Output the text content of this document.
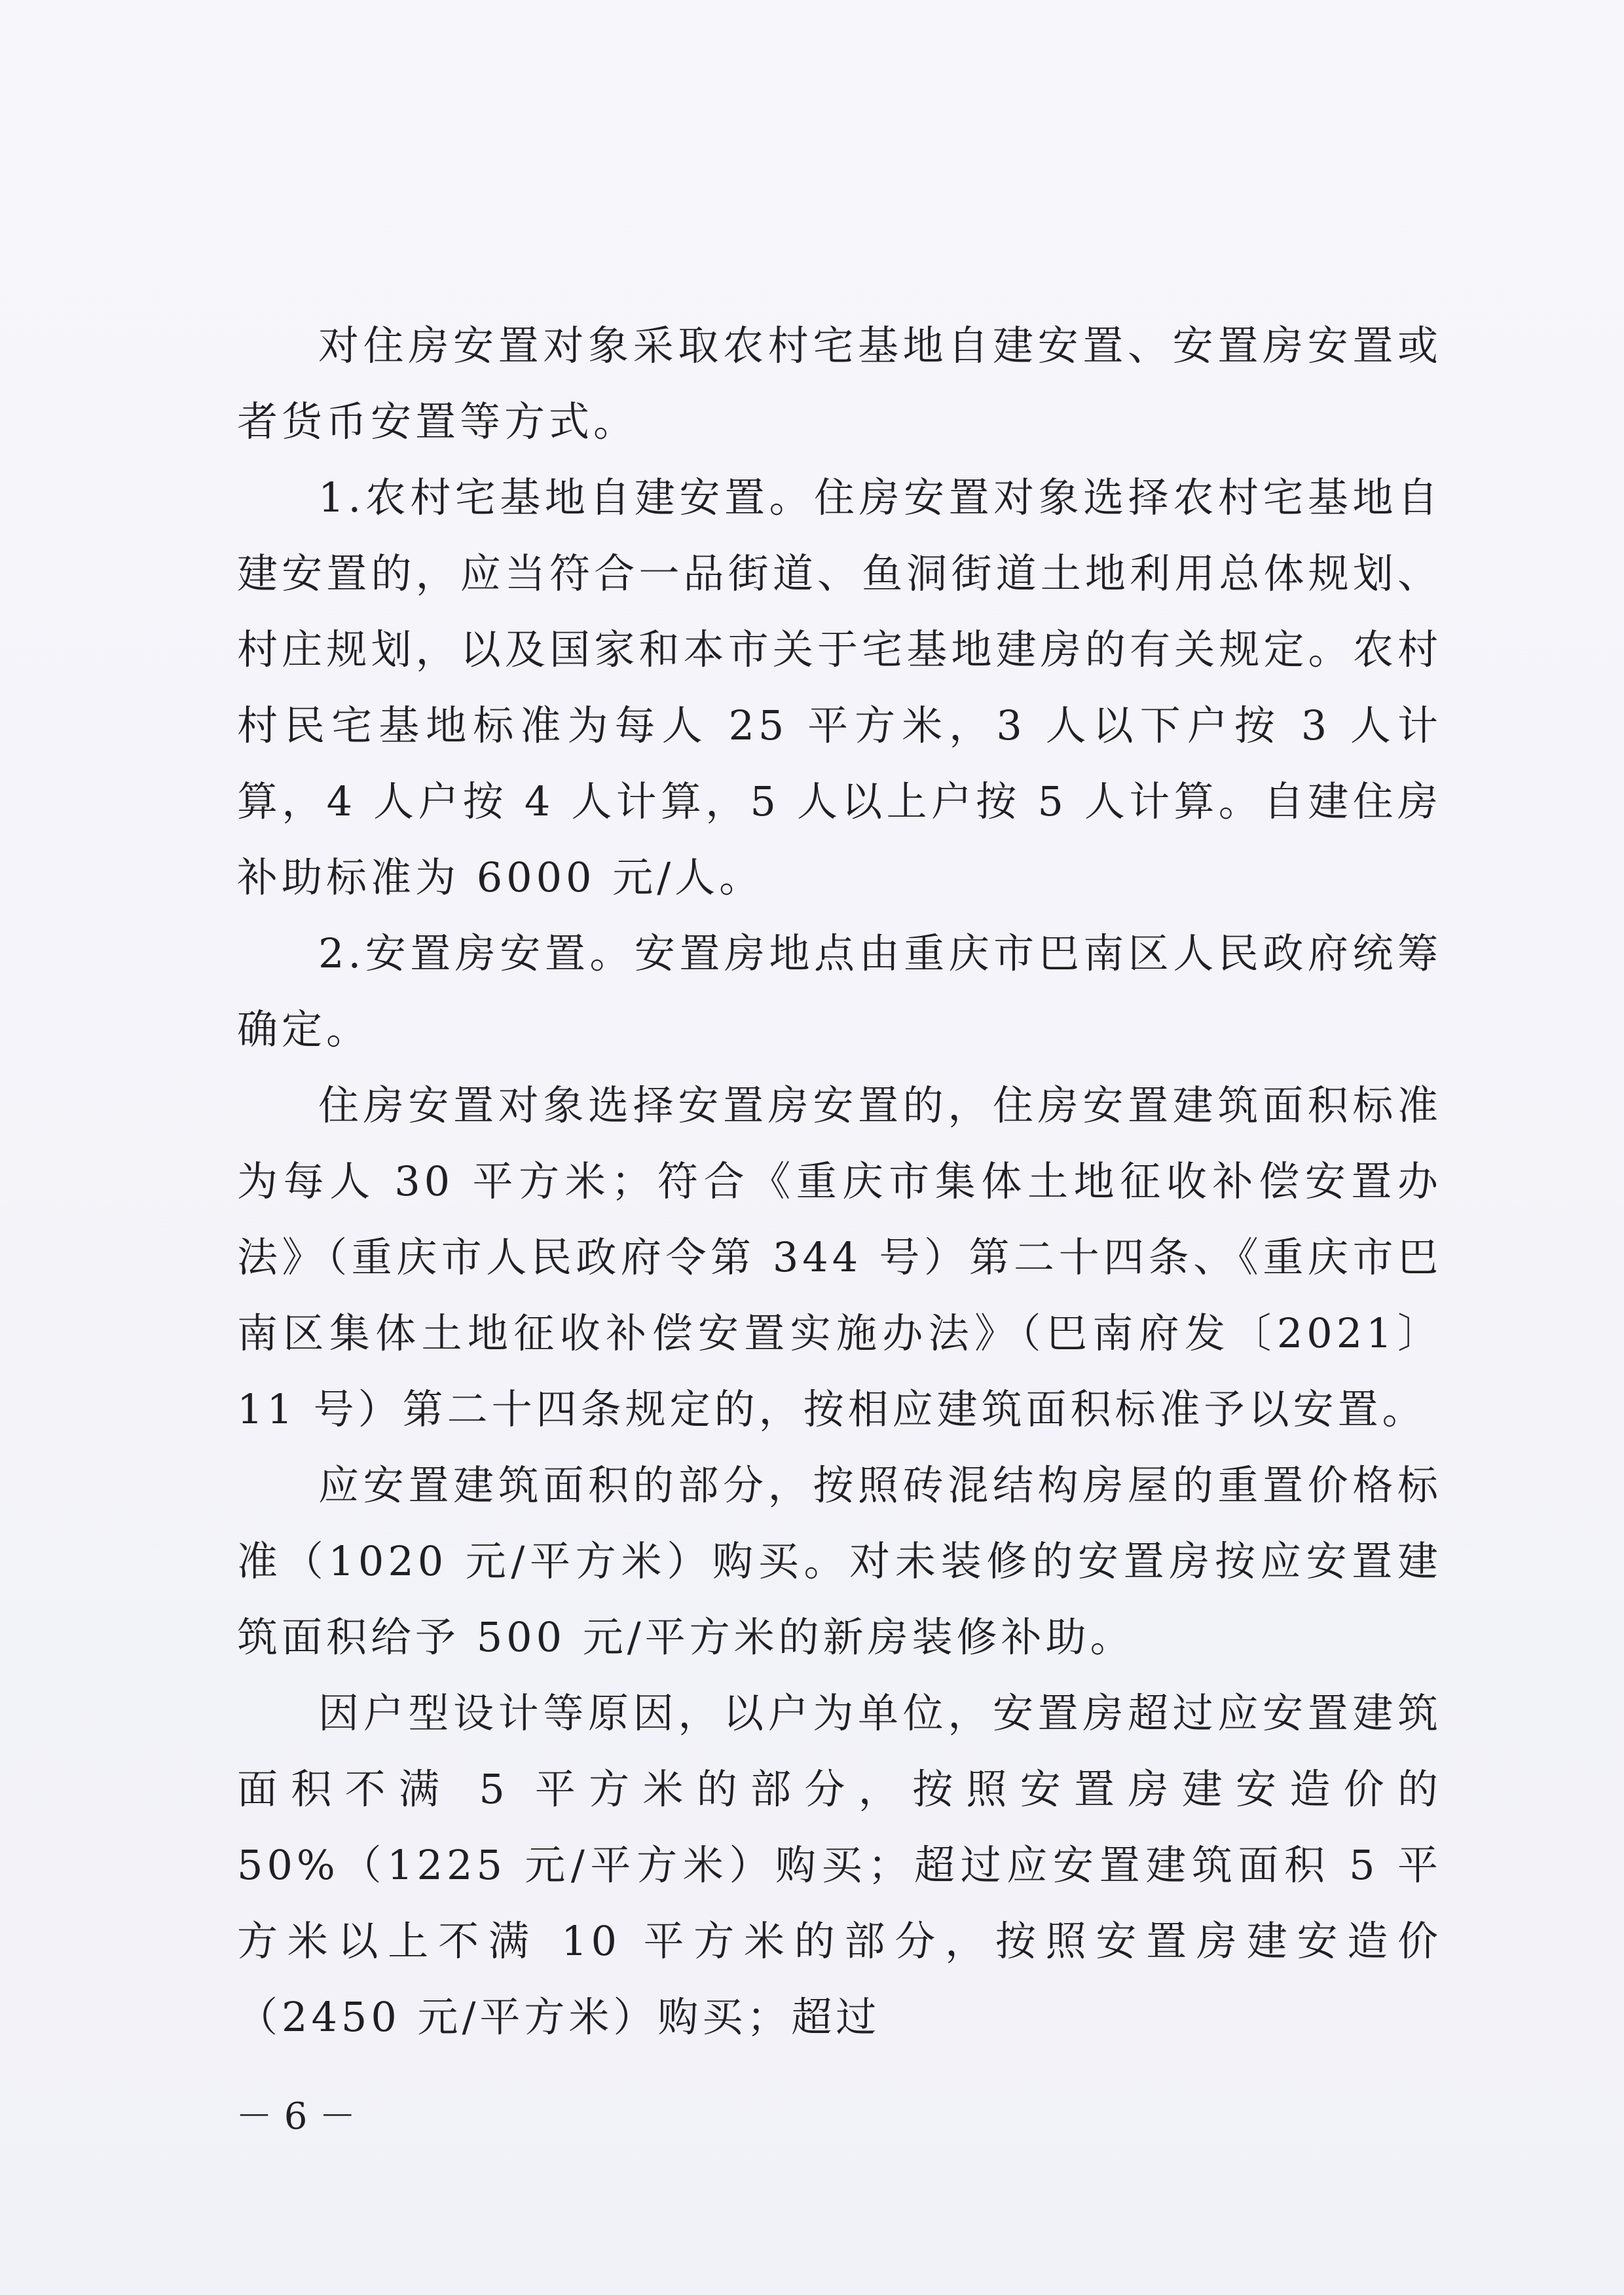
对住房安置对象采取农村宅基地自建安置、安置房安置或者货币安置等方式。

1.农村宅基地自建安置。住房安置对象选择农村宅基地自建安置的，应当符合一品街道、鱼洞街道土地利用总体规划、村庄规划，以及国家和本市关于宅基地建房的有关规定。农村村民宅基地标准为每人 25 平方米，3 人以下户按 3 人计算，4 人户按 4 人计算，5 人以上户按 5 人计算。自建住房补助标准为 6000 元/人。

2.安置房安置。安置房地点由重庆市巴南区人民政府统筹确定。

住房安置对象选择安置房安置的，住房安置建筑面积标准为每人 30 平方米；符合《重庆市集体土地征收补偿安置办法》（重庆市人民政府令第 344 号）第二十四条、《重庆市巴南区集体土地征收补偿安置实施办法》（巴南府发〔2021〕11 号）第二十四条规定的，按相应建筑面积标准予以安置。

应安置建筑面积的部分，按照砖混结构房屋的重置价格标准（1020 元/平方米）购买。对未装修的安置房按应安置建筑面积给予 500 元/平方米的新房装修补助。

因户型设计等原因，以户为单位，安置房超过应安置建筑面积不满 5 平方米的部分，按照安置房建安造价的 50%（1225 元/平方米）购买；超过应安置建筑面积 5 平方米以上不满 10 平方米的部分，按照安置房建安造价（2450 元/平方米）购买；超过

－ 6 －
